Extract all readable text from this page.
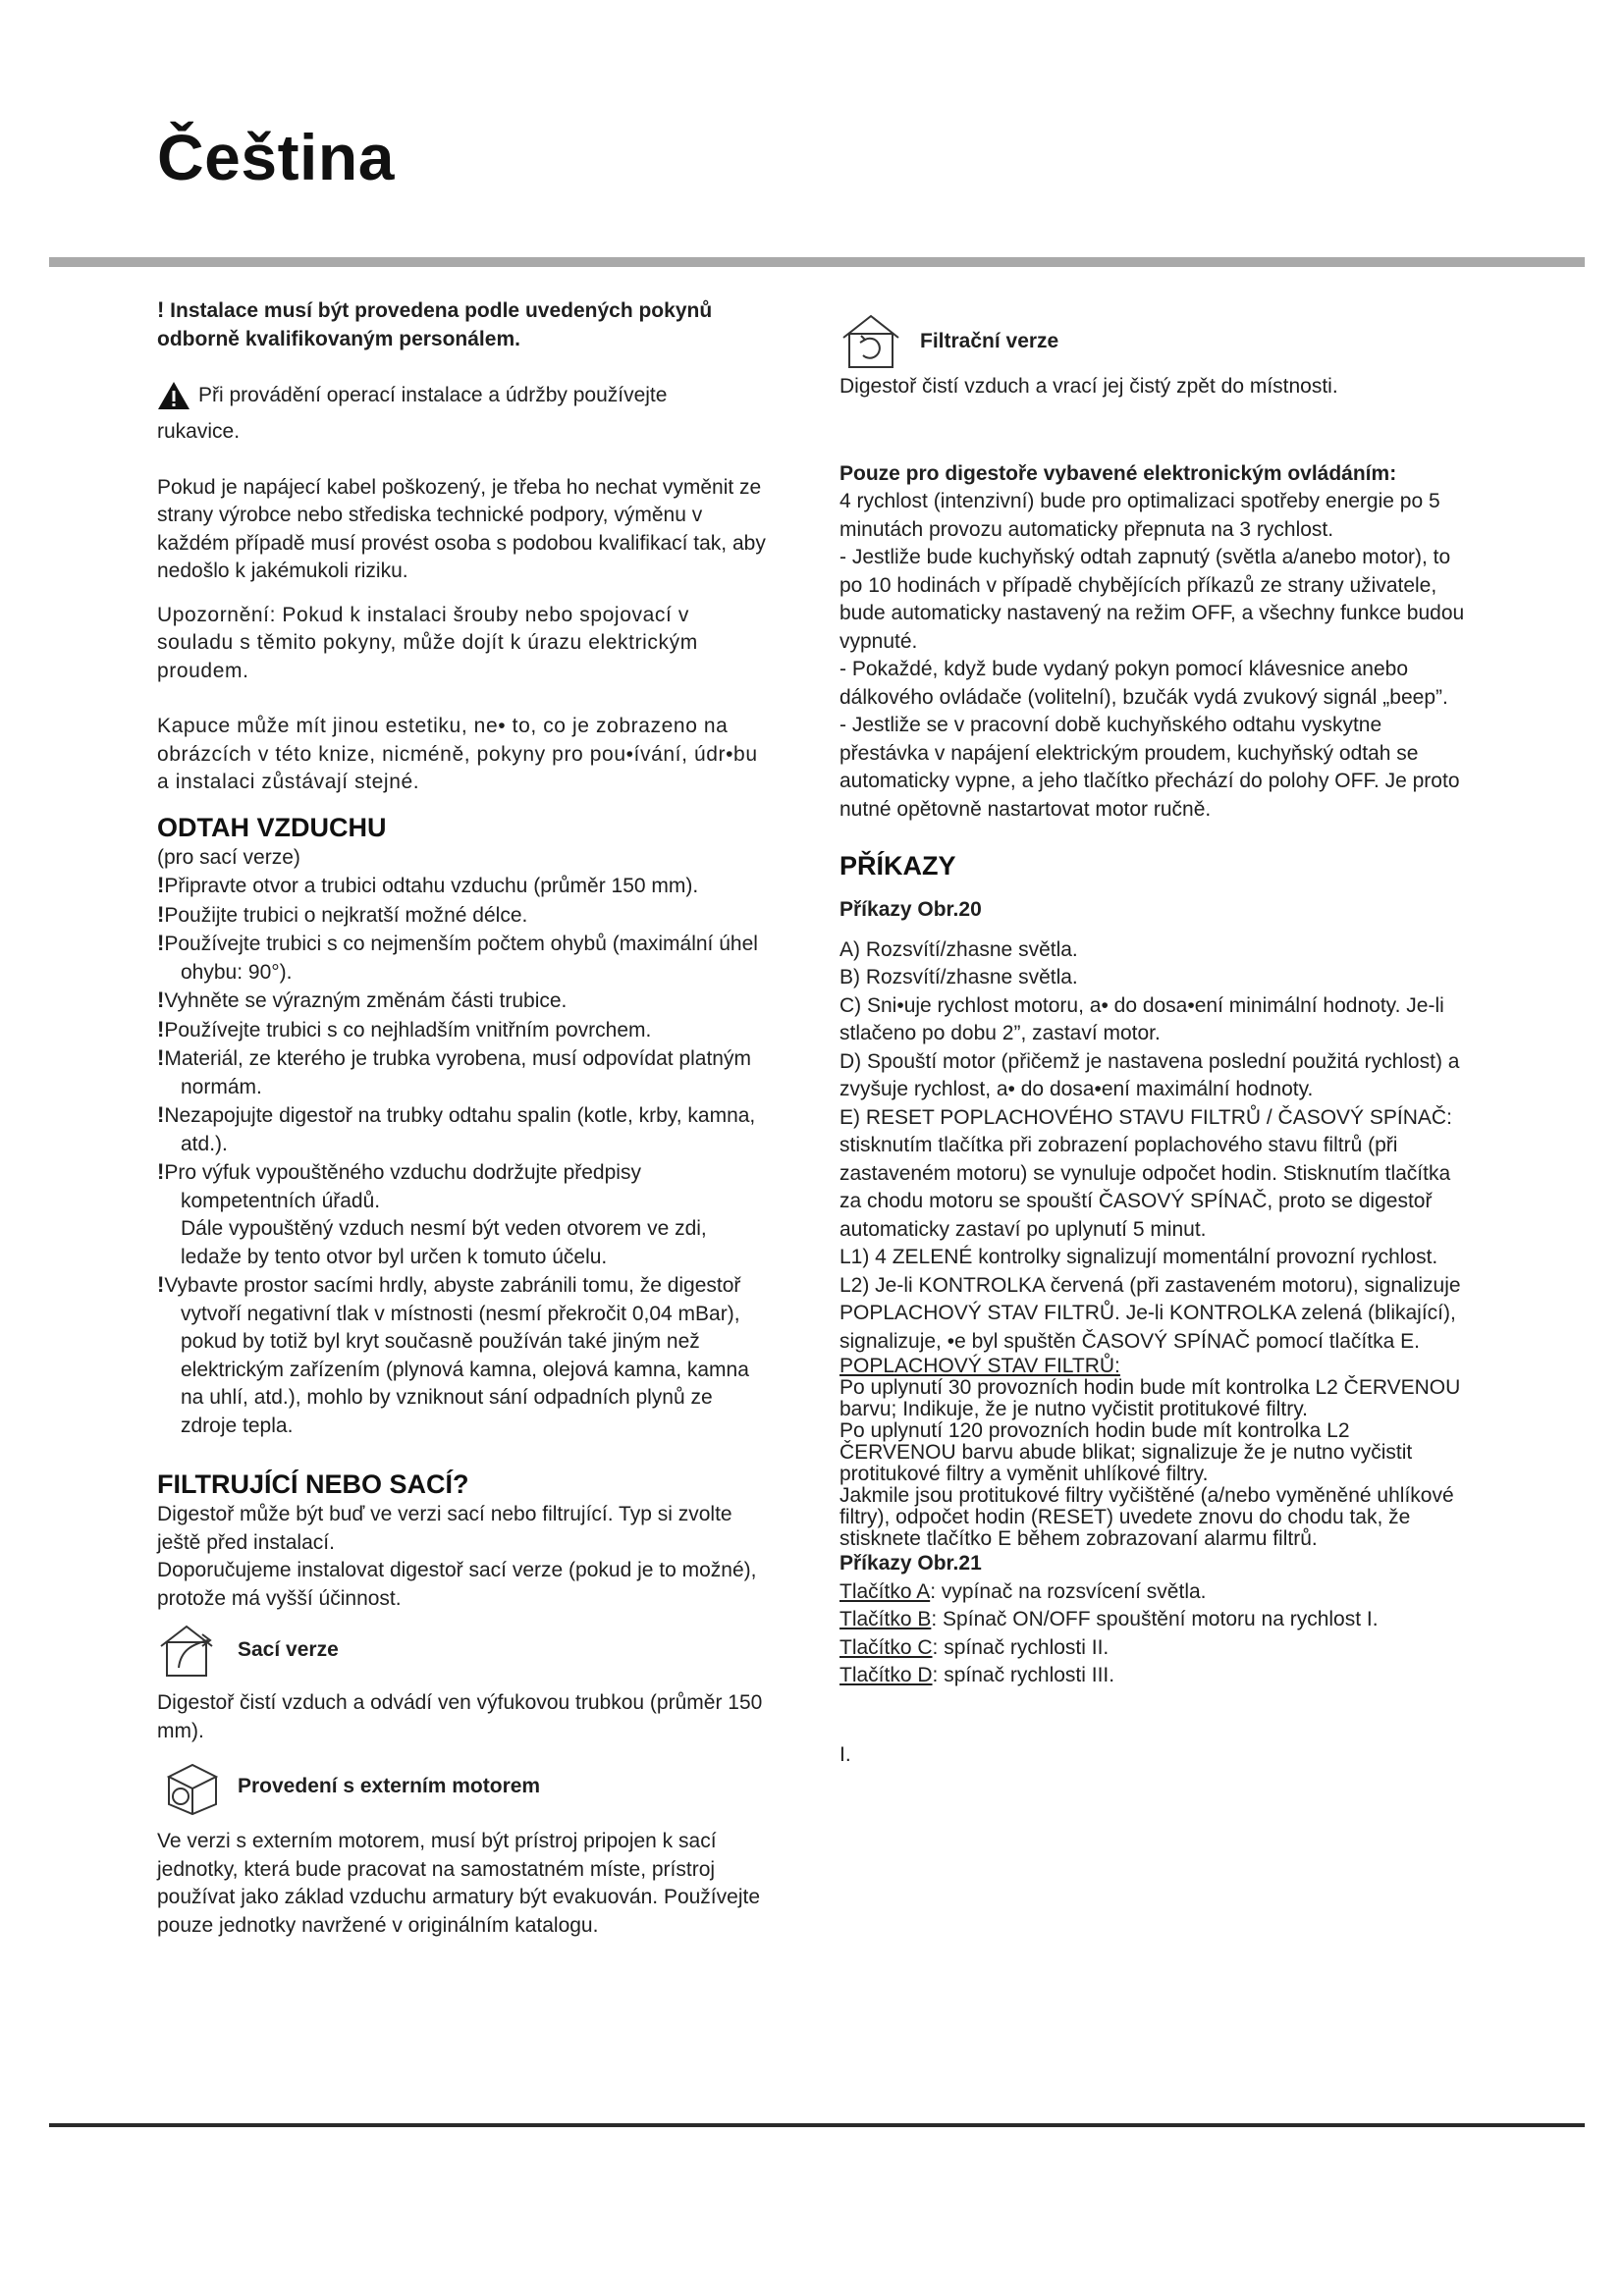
Čeština

! Instalace musí být provedena podle uvedených pokynů odborně kvalifikovaným personálem.

Při provádění operací instalace a údržby používejte

rukavice.

Pokud je napájecí kabel poškozený, je třeba ho nechat vyměnit ze strany výrobce nebo střediska technické podpory, výměnu v každém případě musí provést osoba s podobou kvalifikací tak, aby nedošlo k jakémukoli riziku.

Upozornění: Pokud k instalaci šrouby nebo spojovací v souladu s těmito pokyny, může dojít k úrazu elektrickým proudem.

Kapuce může mít jinou estetiku, ne• to, co je zobrazeno na obrázcích v této knize, nicméně, pokyny pro pou•ívání, údr•bu a instalaci zůstávají stejné.

ODTAH VZDUCHU

(pro sací verze)

!Připravte otvor a trubici odtahu vzduchu (průměr 150 mm).

!Použijte trubici o nejkratší možné délce.

!Používejte trubici s co nejmenším počtem ohybů (maximální úhel ohybu: 90°).

!Vyhněte se výrazným změnám části trubice.

!Používejte trubici s co nejhladším vnitřním povrchem.

!Materiál, ze kterého je trubka vyrobena, musí odpovídat platným normám.

!Nezapojujte digestoř na trubky odtahu spalin (kotle, krby, kamna, atd.).

!Pro výfuk vypouštěného vzduchu dodržujte předpisy kompetentních úřadů.

Dále vypouštěný vzduch nesmí být veden otvorem ve zdi, ledaže by tento otvor byl určen k tomuto účelu.

!Vybavte prostor sacími hrdly, abyste zabránili tomu, že digestoř vytvoří negativní tlak v místnosti (nesmí překročit 0,04 mBar), pokud by totiž byl kryt současně používán také jiným než elektrickým zařízením (plynová kamna, olejová kamna, kamna na uhlí, atd.), mohlo by vzniknout sání odpadních plynů ze zdroje tepla.

FILTRUJÍCÍ NEBO SACÍ?

Digestoř může být buď ve verzi sací nebo filtrující. Typ si zvolte ještě před instalací.

Doporučujeme instalovat digestoř sací verze (pokud je to možné), protože má vyšší účinnost.

Sací verze

Digestoř čistí vzduch a odvádí ven výfukovou trubkou (průměr 150 mm).

Provedení s externím motorem

Ve verzi s externím motorem, musí být prístroj pripojen k sací jednotky, která bude pracovat na samostatném míste, prístroj používat jako základ vzduchu armatury být evakuován. Používejte pouze jednotky navržené v originálním katalogu.

Filtrační verze

Digestoř čistí vzduch a vrací jej čistý zpět do místnosti.

Pouze pro digestoře vybavené elektronickým ovládáním:

4 rychlost (intenzivní) bude pro optimalizaci spotřeby energie po 5 minutách provozu automaticky přepnuta na 3 rychlost.

- Jestliže bude kuchyňský odtah zapnutý (světla a/anebo motor), to po 10 hodinách v případě chybějících příkazů ze strany uživatele, bude automaticky nastavený na režim OFF, a všechny funkce budou vypnuté.

- Pokaždé, když bude vydaný pokyn pomocí klávesnice anebo dálkového ovládače (volitelní), bzučák vydá zvukový signál „beep”.

- Jestliže se v pracovní době kuchyňského odtahu vyskytne přestávka v napájení elektrickým proudem, kuchyňský odtah se automaticky vypne, a jeho tlačítko přechází do polohy OFF. Je proto nutné opětovně nastartovat motor ručně.

PŘÍKAZY

Příkazy Obr.20

A) Rozsvítí/zhasne světla.

B) Rozsvítí/zhasne světla.

C) Sni•uje rychlost motoru, a• do dosa•ení minimální hodnoty. Je-li stlačeno po dobu 2”, zastaví motor.

D) Spouští motor (přičemž je nastavena poslední použitá rychlost) a zvyšuje rychlost, a• do dosa•ení maximální hodnoty.

E) RESET POPLACHOVÉHO STAVU FILTRŮ / ČASOVÝ SPÍNAČ: stisknutím tlačítka při zobrazení poplachového stavu filtrů (při zastaveném motoru) se vynuluje odpočet hodin. Stisknutím tlačítka za chodu motoru se spouští ČASOVÝ SPÍNAČ, proto se digestoř automaticky zastaví po uplynutí 5 minut.

L1) 4 ZELENÉ kontrolky signalizují momentální provozní rychlost.

L2) Je-li KONTROLKA červená (při zastaveném motoru), signalizuje POPLACHOVÝ STAV FILTRŮ. Je-li KONTROLKA zelená (blikající), signalizuje, •e byl spuštěn ČASOVÝ SPÍNAČ pomocí tlačítka E.

POPLACHOVÝ STAV FILTRŮ:

Po uplynutí 30 provozních hodin bude mít kontrolka L2 ČERVENOU barvu; Indikuje, že je nutno vyčistit protitukové filtry.

Po uplynutí 120 provozních hodin bude mít kontrolka L2 ČERVENOU barvu abude blikat; signalizuje že je nutno vyčistit protitukové filtry a vyměnit uhlíkové filtry.

Jakmile jsou protitukové filtry vyčištěné (a/nebo vyměněné uhlíkové filtry), odpočet hodin (RESET) uvedete znovu do chodu tak, že stisknete tlačítko E během zobrazovaní alarmu filtrů.

Příkazy Obr.21

Tlačítko A: vypínač na rozsvícení světla.

Tlačítko B: Spínač ON/OFF spouštění motoru na rychlost I.

Tlačítko C: spínač rychlosti II.

Tlačítko D: spínač rychlosti III.

I.
